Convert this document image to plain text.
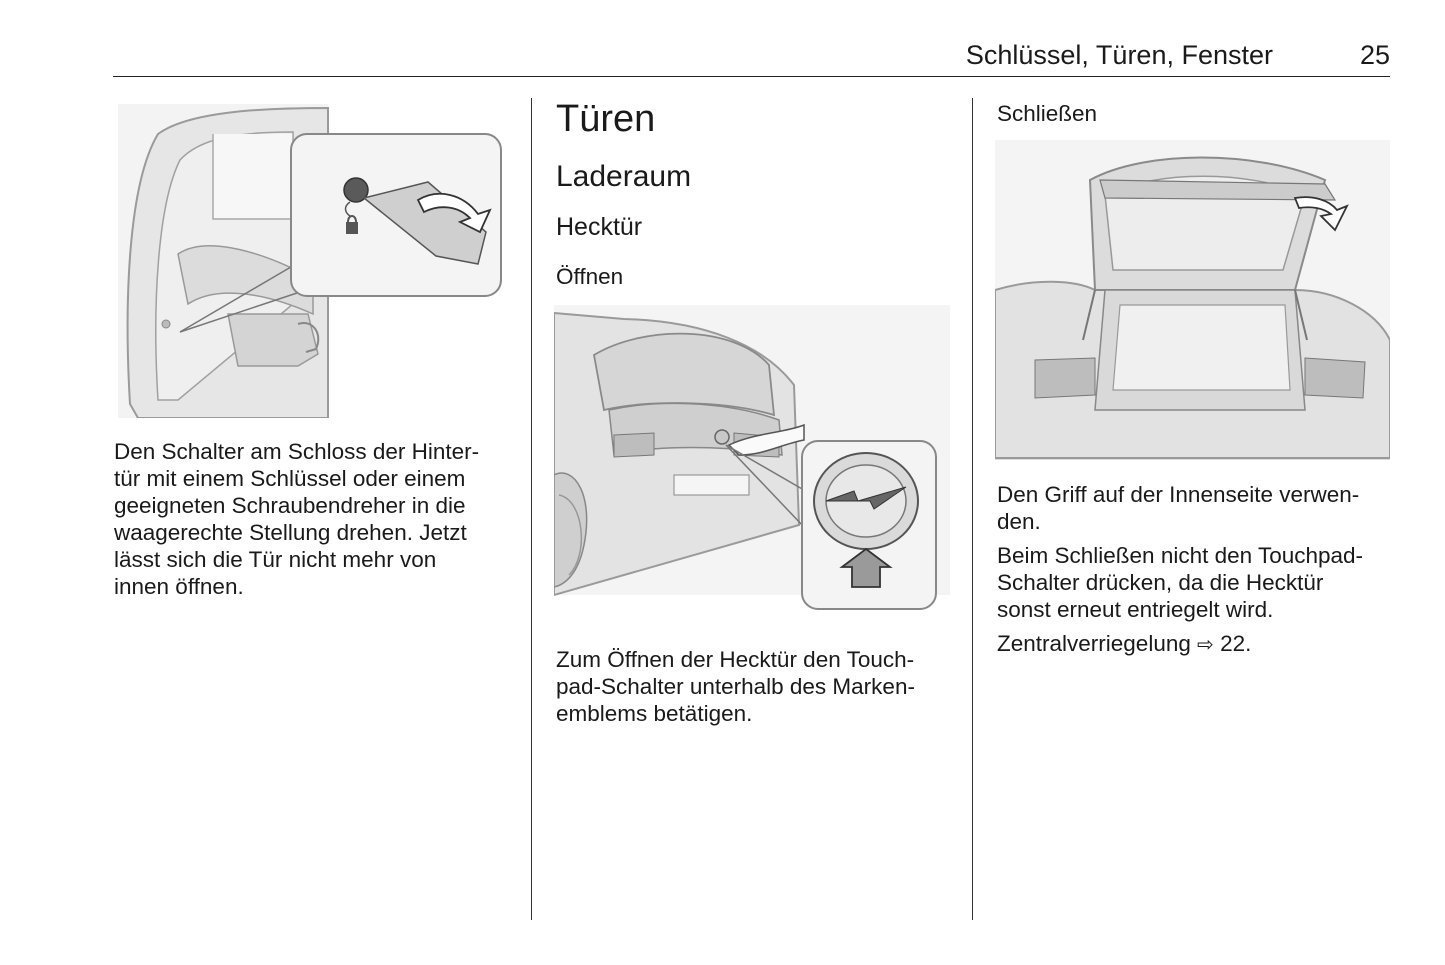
Schlüssel, Türen, Fenster	25

Den Schalter am Schloss der Hinter-
tür mit einem Schlüssel oder einem
geeigneten Schraubendreher in die
waagerechte Stellung drehen. Jetzt
lässt sich die Tür nicht mehr von
innen öffnen.

Türen
Laderaum
Hecktür
Öffnen

Zum Öffnen der Hecktür den Touch-
pad-Schalter unterhalb des Marken-
emblems betätigen.

Schließen

Den Griff auf der Innenseite verwen-
den.

Beim Schließen nicht den Touchpad-
Schalter drücken, da die Hecktür
sonst erneut entriegelt wird.

Zentralverriegelung ⇨ 22.
